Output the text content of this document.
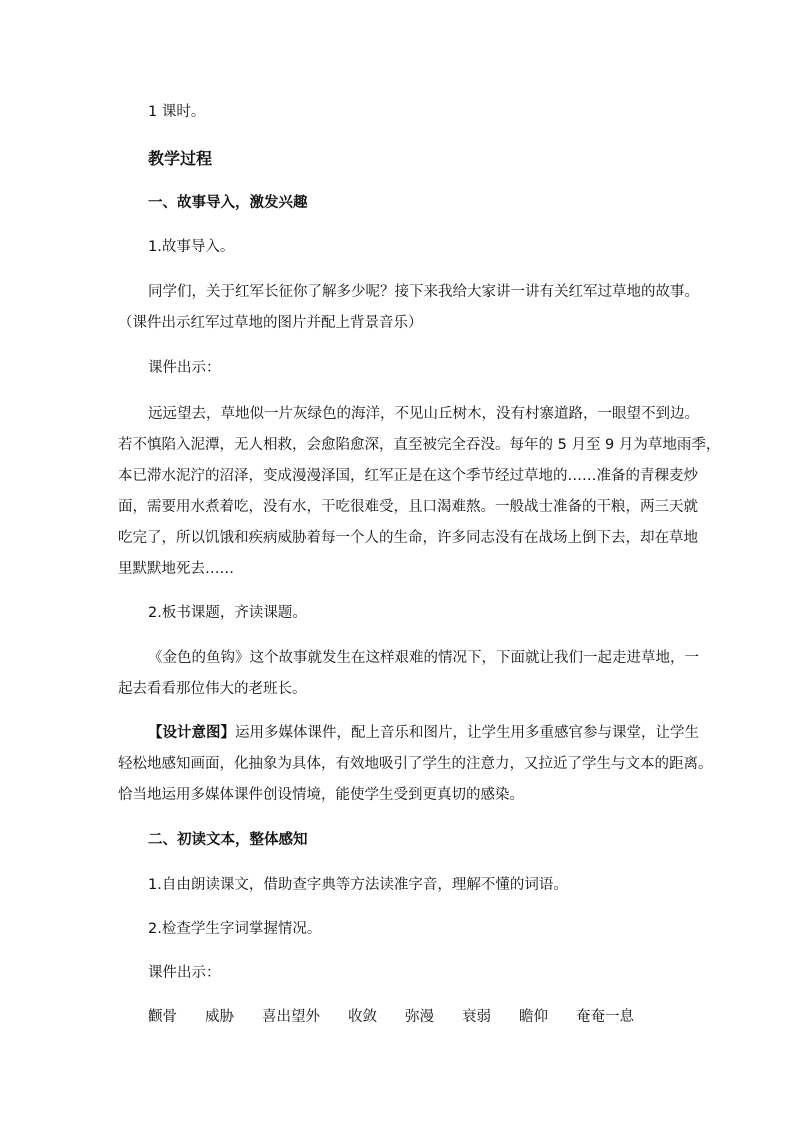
1 课时。
教学过程
一、故事导入，激发兴趣
1.故事导入。
同学们，关于红军长征你了解多少呢？接下来我给大家讲一讲有关红军过草地的故事。
（课件出示红军过草地的图片并配上背景音乐）
课件出示：
远远望去，草地似一片灰绿色的海洋，不见山丘树木，没有村寨道路，一眼望不到边。
若不慎陷入泥潭，无人相救，会愈陷愈深，直至被完全吞没。每年的 5 月至 9 月为草地雨季，
本已滞水泥泞的沼泽，变成漫漫泽国，红军正是在这个季节经过草地的……准备的青稞麦炒
面，需要用水煮着吃，没有水，干吃很难受，且口渴难熬。一般战士准备的干粮，两三天就
吃完了，所以饥饿和疾病威胁着每一个人的生命，许多同志没有在战场上倒下去，却在草地
里默默地死去……
2.板书课题，齐读课题。
《金色的鱼钩》这个故事就发生在这样艰难的情况下，下面就让我们一起走进草地，一
起去看看那位伟大的老班长。
【设计意图】运用多媒体课件，配上音乐和图片，让学生用多重感官参与课堂，让学生
轻松地感知画面，化抽象为具体，有效地吸引了学生的注意力，又拉近了学生与文本的距离。
恰当地运用多媒体课件创设情境，能使学生受到更真切的感染。
二、初读文本，整体感知
1.自由朗读课文，借助查字典等方法读准字音，理解不懂的词语。
2.检查学生字词掌握情况。
课件出示：
颧骨 威胁 喜出望外 收敛 弥漫 衰弱 瞻仰 奄奄一息
